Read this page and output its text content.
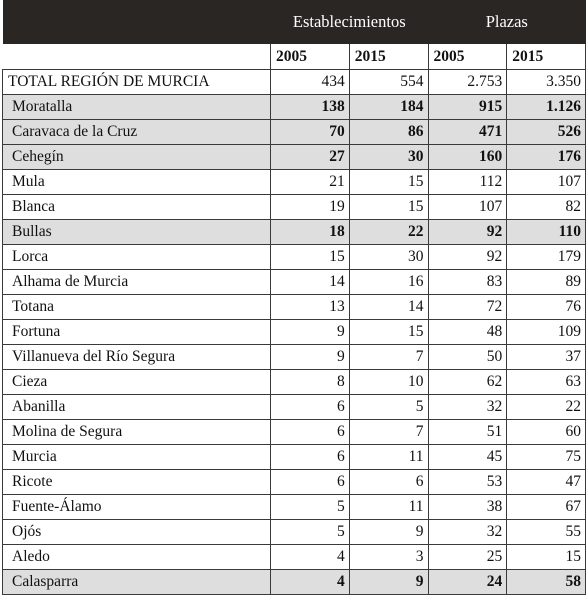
	Establecimientos		Plazas	
	2005	2015	2005	2015
TOTAL REGIÓN DE MURCIA	434	554	2.753	3.350
Moratalla	138	184	915	1.126
Caravaca de la Cruz	70	86	471	526
Cehegín	27	30	160	176
Mula	21	15	112	107
Blanca	19	15	107	82
Bullas	18	22	92	110
Lorca	15	30	92	179
Alhama de Murcia	14	16	83	89
Totana	13	14	72	76
Fortuna	9	15	48	109
Villanueva del Río Segura	9	7	50	37
Cieza	8	10	62	63
Abanilla	6	5	32	22
Molina de Segura	6	7	51	60
Murcia	6	11	45	75
Ricote	6	6	53	47
Fuente-Álamo	5	11	38	67
Ojós	5	9	32	55
Aledo	4	3	25	15
Calasparra	4	9	24	58
